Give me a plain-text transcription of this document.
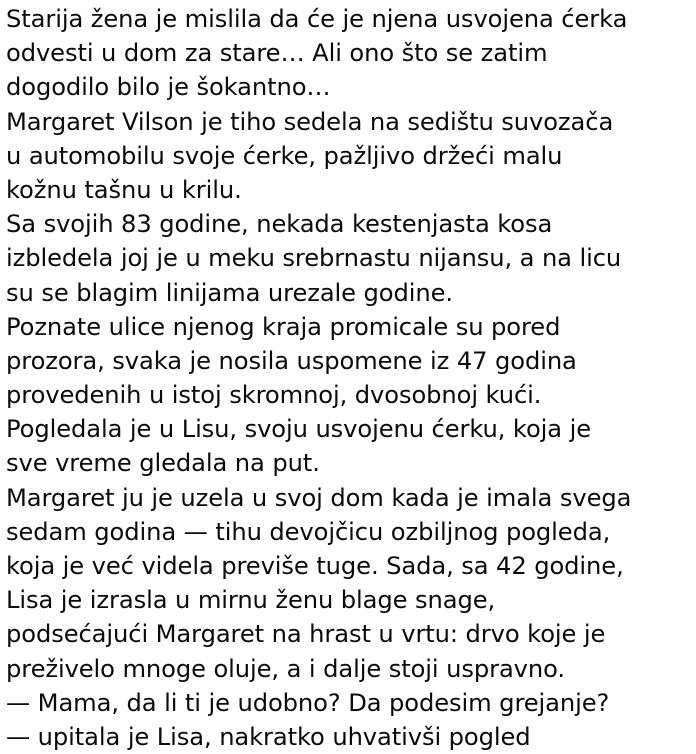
Starija žena je mislila da će je njena usvojena ćerka
odvesti u dom za stare… Ali ono što se zatim
dogodilo bilo je šokantno…
Margaret Vilson je tiho sedela na sedištu suvozača
u automobilu svoje ćerke, pažljivo držeći malu
kožnu tašnu u krilu.
Sa svojih 83 godine, nekada kestenjasta kosa
izbledela joj je u meku srebrnastu nijansu, a na licu
su se blagim linijama urezale godine.
Poznate ulice njenog kraja promicale su pored
prozora, svaka je nosila uspomene iz 47 godina
provedenih u istoj skromnoj, dvosobnoj kući.
Pogledala je u Lisu, svoju usvojenu ćerku, koja je
sve vreme gledala na put.
Margaret ju je uzela u svoj dom kada je imala svega
sedam godina — tihu devojčicu ozbiljnog pogleda,
koja je već videla previše tuge. Sada, sa 42 godine,
Lisa je izrasla u mirnu ženu blage snage,
podsećajući Margaret na hrast u vrtu: drvo koje je
preživelo mnoge oluje, a i dalje stoji uspravno.
— Mama, da li ti je udobno? Da podesim grejanje?
— upitala je Lisa, nakratko uhvativši pogled
